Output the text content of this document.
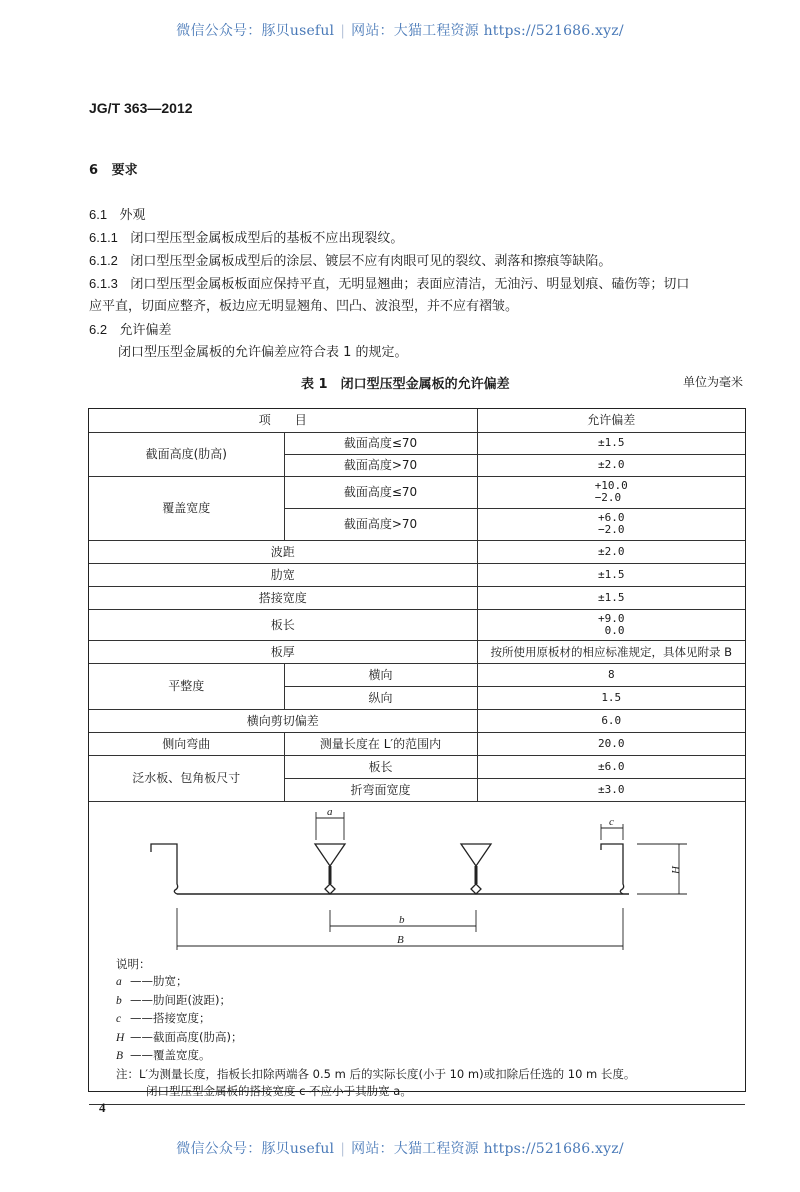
微信公众号：豚贝useful | 网站：大猫工程资源 https://521686.xyz/
JG/T 363—2012
6 要求
6.1 外观
6.1.1 闭口型压型金属板成型后的基板不应出现裂纹。
6.1.2 闭口型压型金属板成型后的涂层、镀层不应有肉眼可见的裂纹、剥落和擦痕等缺陷。
6.1.3 闭口型压型金属板板面应保持平直，无明显翘曲；表面应清洁，无油污、明显划痕、磕伤等；切口
应平直，切面应整齐，板边应无明显翘角、凹凸、波浪型，并不应有褶皱。
6.2 允许偏差
闭口型压型金属板的允许偏差应符合表 1 的规定。
表 1　闭口型压型金属板的允许偏差	单位为毫米
项　　目		允许偏差
截面高度(肋高)	截面高度≤70	±1.5
	截面高度>70	±2.0
覆盖宽度	截面高度≤70	+10.0
−2.0
	截面高度>70	+6.0
−2.0
波距		±2.0
肋宽		±1.5
搭接宽度		±1.5
板长		+9.0
0.0
板厚		按所使用原板材的相应标准规定，具体见附录 B
平整度	横向	8
	纵向	1.5
横向剪切偏差		6.0
侧向弯曲	测量长度在 L′的范围内	20.0
泛水板、包角板尺寸	板长	±6.0
	折弯面宽度	±3.0

a
c
H
b
B
说明：
a ——肋宽；
b ——肋间距(波距)；
c ——搭接宽度；
H ——截面高度(肋高)；
B ——覆盖宽度。
注：L′为测量长度，指板长扣除两端各 0.5 m 后的实际长度(小于 10 m)或扣除后任选的 10 m 长度。
闭口型压型金属板的搭接宽度 c 不应小于其肋宽 a。
4
微信公众号：豚贝useful | 网站：大猫工程资源 https://521686.xyz/
